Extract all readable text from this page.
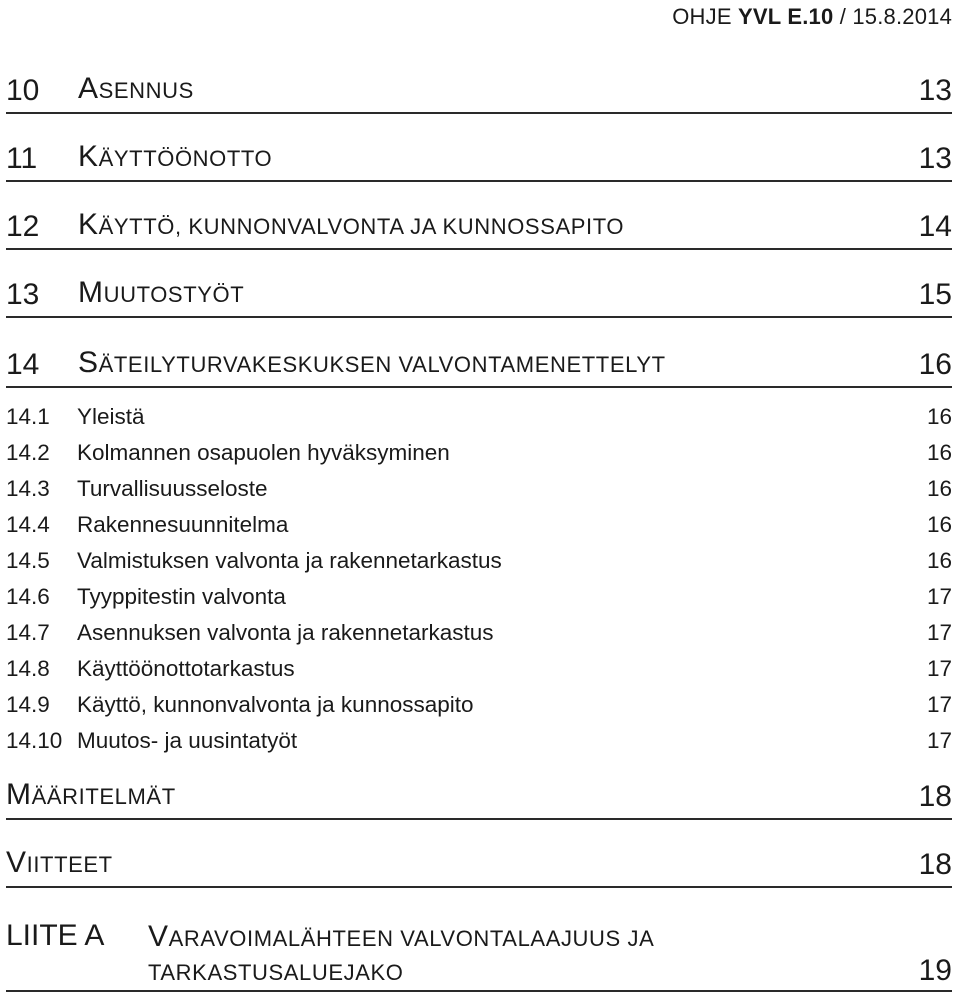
OHJE YVL E.10 / 15.8.2014
10 ASENNUS	13
11 KÄYTTÖÖNOTTO	13
12 KÄYTTÖ, KUNNONVALVONTA JA KUNNOSSAPITO	14
13 MUUTOSTYÖT	15
14 SÄTEILYTURVAKESKUKSEN VALVONTAMENETTELYT	16
14.1 Yleistä	16
14.2 Kolmannen osapuolen hyväksyminen	16
14.3 Turvallisuusseloste	16
14.4 Rakennesuunnitelma	16
14.5 Valmistuksen valvonta ja rakennetarkastus	16
14.6 Tyyppitestin valvonta	17
14.7 Asennuksen valvonta ja rakennetarkastus	17
14.8 Käyttöönottotarkastus	17
14.9 Käyttö, kunnonvalvonta ja kunnossapito	17
14.10 Muutos- ja uusintatyöt	17
MÄÄRITELMÄT	18
VIITTEET	18
LIITE A VARAVOIMALÄHTEEN VALVONTALAAJUUS JA
TARKASTUSALUEJAKO	19
